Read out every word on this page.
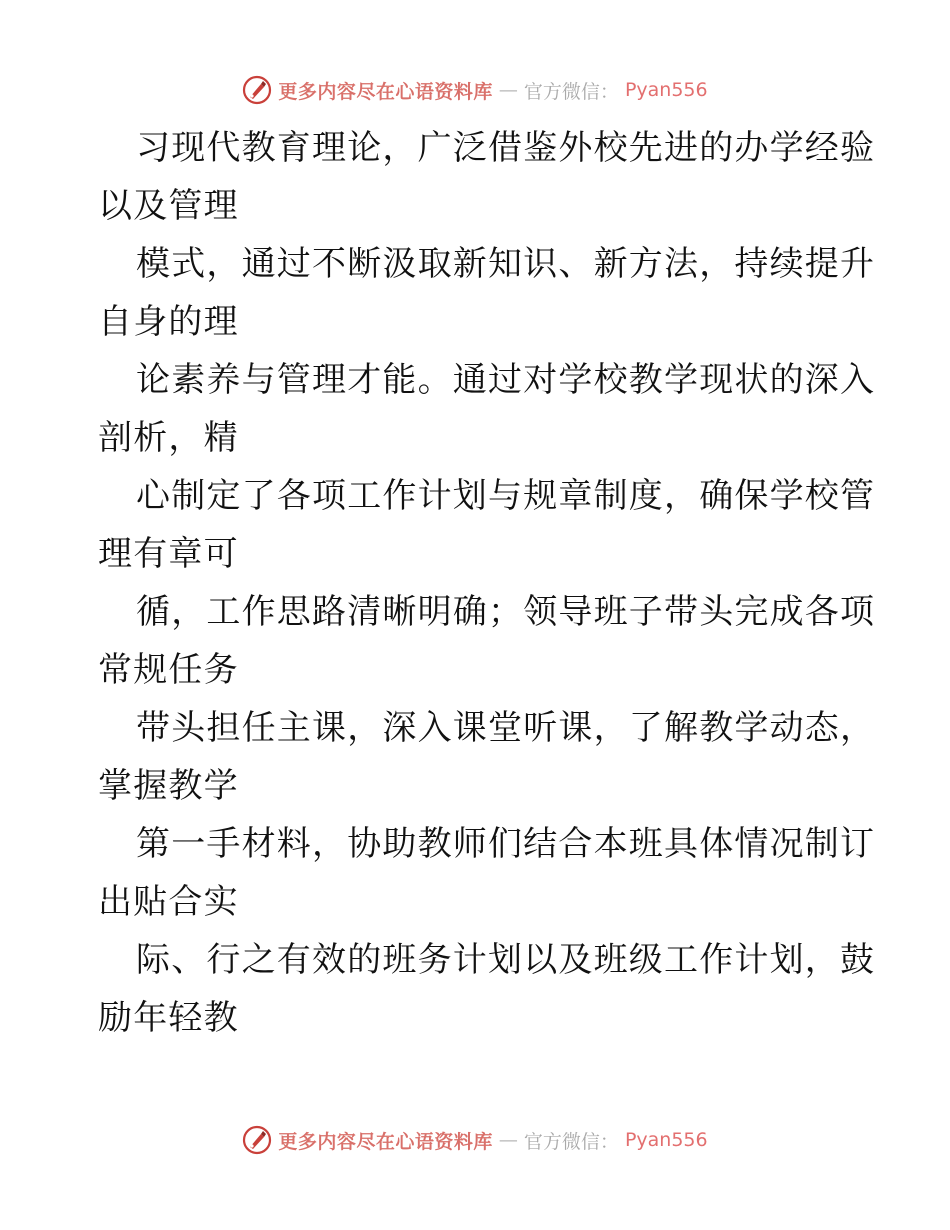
更多内容尽在心语资料库 — 官方微信： Pyan556
习现代教育理论，广泛借鉴外校先进的办学经验
以及管理
模式，通过不断汲取新知识、新方法，持续提升
自身的理
论素养与管理才能。通过对学校教学现状的深入
剖析，精
心制定了各项工作计划与规章制度，确保学校管
理有章可
循，工作思路清晰明确；领导班子带头完成各项
常规任务
带头担任主课，深入课堂听课，了解教学动态，
掌握教学
第一手材料，协助教师们结合本班具体情况制订
出贴合实
际、行之有效的班务计划以及班级工作计划，鼓
励年轻教
更多内容尽在心语资料库 — 官方微信： Pyan556
